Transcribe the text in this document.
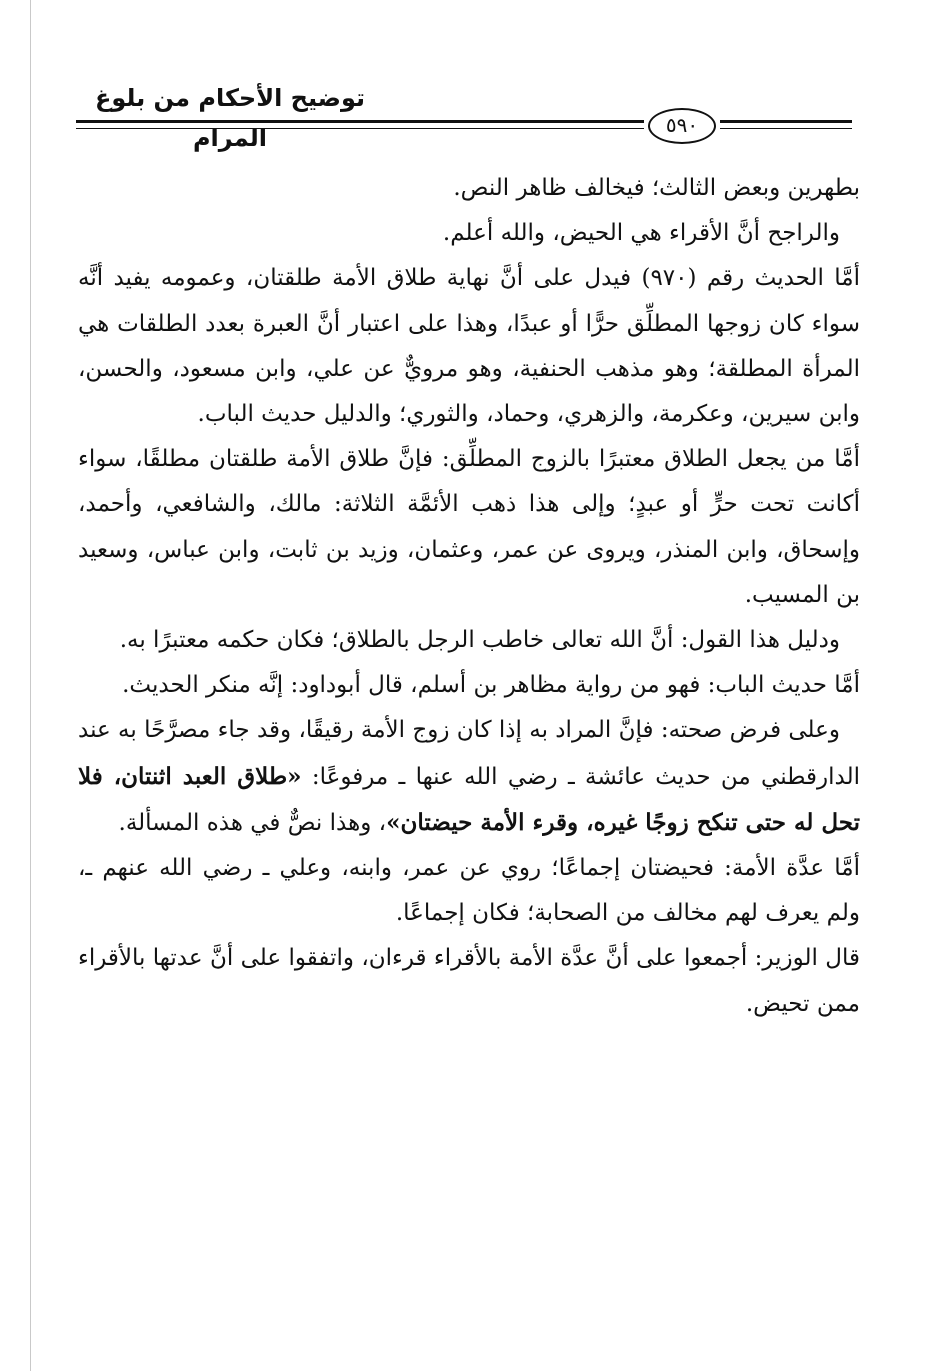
توضيح الأحكام من بلوغ المرام	٥٩٠

بطهرين وبعض الثالث؛ فيخالف ظاهر النص.

والراجح أنَّ الأقراء هي الحيض، والله أعلم.

أمَّا الحديث رقم (٩٧٠) فيدل على أنَّ نهاية طلاق الأمة طلقتان، وعمومه يفيد أنَّه سواء كان زوجها المطلِّق حرًّا أو عبدًا، وهذا على اعتبار أنَّ العبرة بعدد الطلقات هي المرأة المطلقة؛ وهو مذهب الحنفية، وهو مرويٌّ عن علي، وابن مسعود، والحسن، وابن سيرين، وعكرمة، والزهري، وحماد، والثوري؛ والدليل حديث الباب.

أمَّا من يجعل الطلاق معتبرًا بالزوج المطلِّق: فإنَّ طلاق الأمة طلقتان مطلقًا، سواء أكانت تحت حرٍّ أو عبدٍ؛ وإلى هذا ذهب الأئمَّة الثلاثة: مالك، والشافعي، وأحمد، وإسحاق، وابن المنذر، ويروى عن عمر، وعثمان، وزيد بن ثابت، وابن عباس، وسعيد بن المسيب.

ودليل هذا القول: أنَّ الله تعالى خاطب الرجل بالطلاق؛ فكان حكمه معتبرًا به.

أمَّا حديث الباب: فهو من رواية مظاهر بن أسلم، قال أبوداود: إنَّه منكر الحديث.

وعلى فرض صحته: فإنَّ المراد به إذا كان زوج الأمة رقيقًا، وقد جاء مصرَّحًا به عند الدارقطني من حديث عائشة ـ رضي الله عنها ـ مرفوعًا: «طلاق العبد اثنتان، فلا تحل له حتى تنكح زوجًا غيره، وقرء الأمة حيضتان»، وهذا نصٌّ في هذه المسألة.

أمَّا عدَّة الأمة: فحيضتان إجماعًا؛ روي عن عمر، وابنه، وعلي ـ رضي الله عنهم ـ، ولم يعرف لهم مخالف من الصحابة؛ فكان إجماعًا.

قال الوزير: أجمعوا على أنَّ عدَّة الأمة بالأقراء قرءان، واتفقوا على أنَّ عدتها بالأقراء ممن تحيض.
